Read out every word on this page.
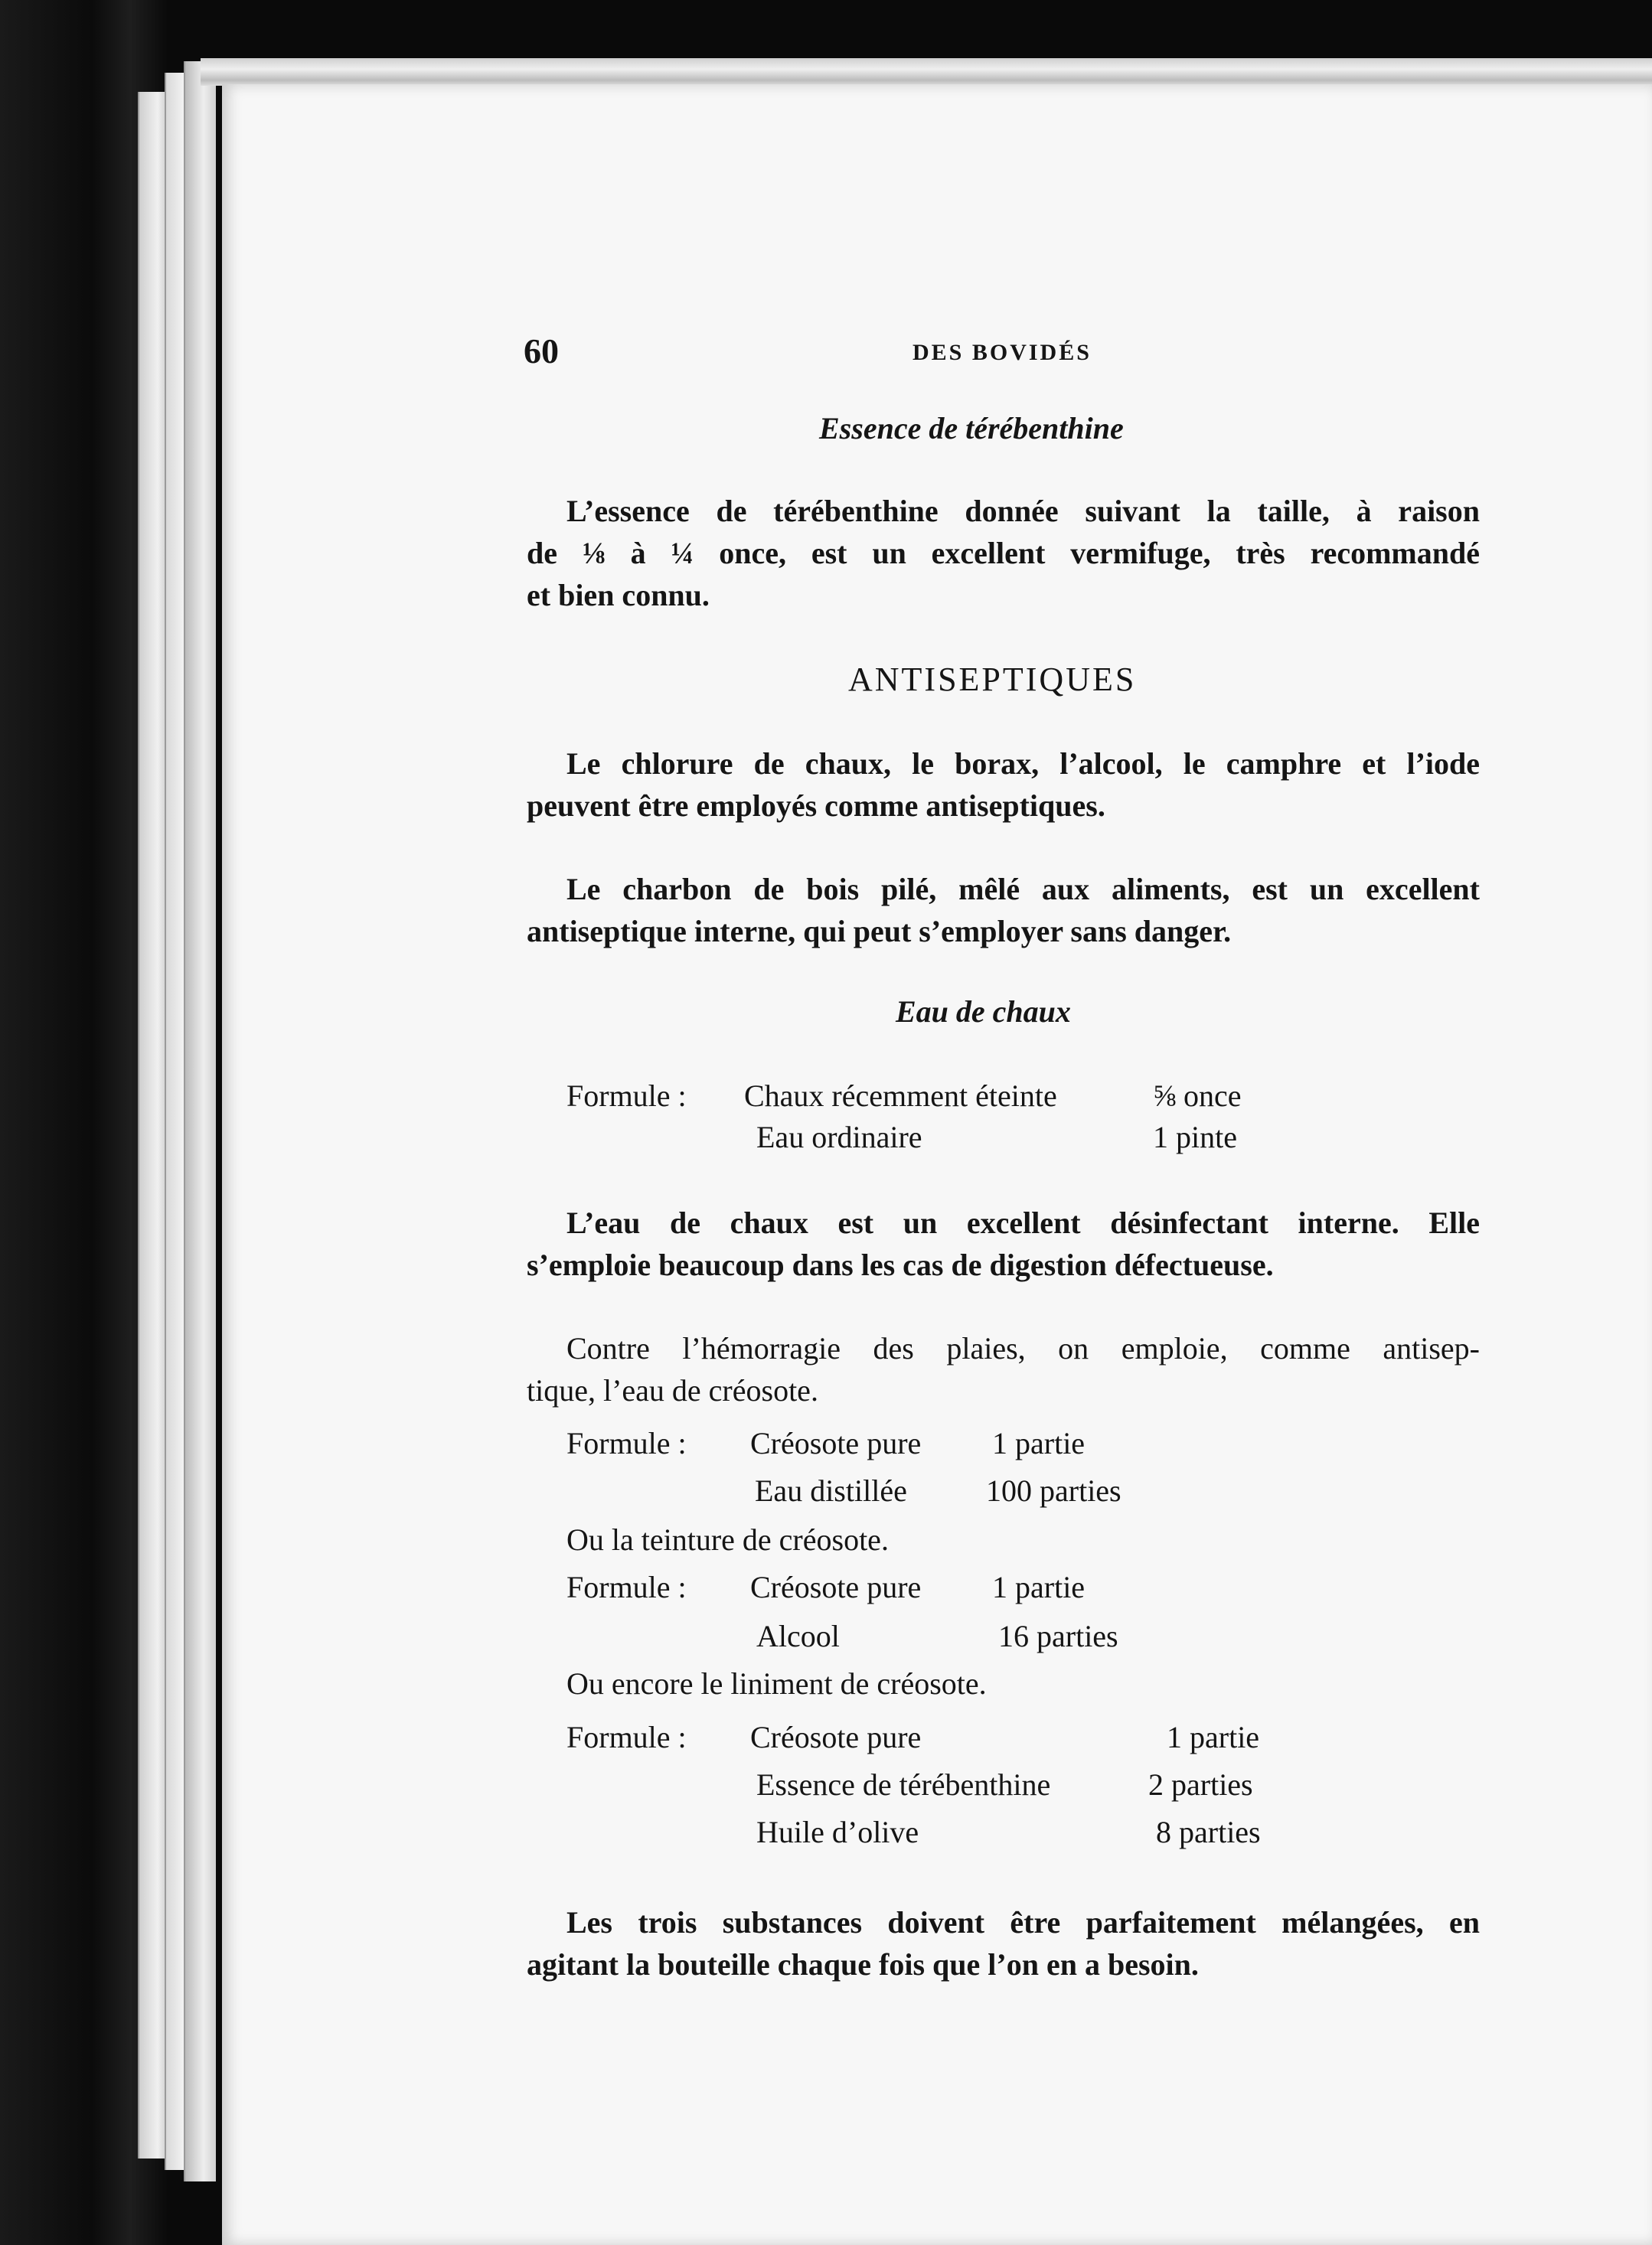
60	DES BOVIDÉS
Essence de térébenthine
L’essence de térébenthine donnée suivant la taille, à raison
de ⅛ à ¼ once, est un excellent vermifuge, très recommandé
et bien connu.
ANTISEPTIQUES
Le chlorure de chaux, le borax, l’alcool, le camphre et l’iode
peuvent être employés comme antiseptiques.
Le charbon de bois pilé, mêlé aux aliments, est un excellent
antiseptique interne, qui peut s’employer sans danger.
Eau de chaux
Formule : Chaux récemment éteinte	⅝ once
Eau ordinaire	1 pinte
L’eau de chaux est un excellent désinfectant interne. Elle
s’emploie beaucoup dans les cas de digestion défectueuse.
Contre l’hémorragie des plaies, on emploie, comme antisep-
tique, l’eau de créosote.
Formule : Créosote pure 1 partie
Eau distillée	100 parties
Ou la teinture de créosote.
Formule : Créosote pure 1 partie
Alcool	16 parties
Ou encore le liniment de créosote.
Formule : Créosote pure	1 partie
Essence de térébenthine	2 parties
Huile d’olive	8 parties
Les trois substances doivent être parfaitement mélangées, en
agitant la bouteille chaque fois que l’on en a besoin.
